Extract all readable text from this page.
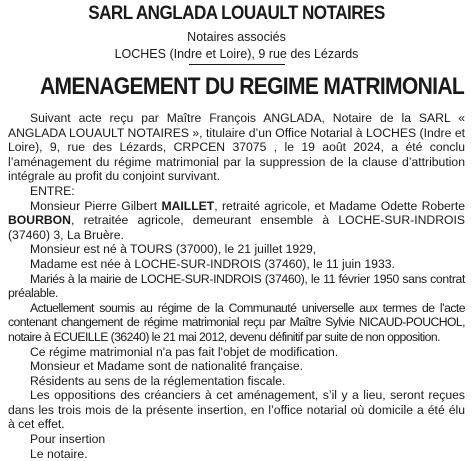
SARL ANGLADA LOUAULT NOTAIRES
Notaires associés
LOCHES (Indre et Loire), 9 rue des Lézards
AMENAGEMENT DU REGIME MATRIMONIAL

Suivant acte reçu par Maître François ANGLADA, Notaire de la SARL « ANGLADA LOUAULT NOTAIRES », titulaire d’un Office Notarial à LOCHES (Indre et Loire), 9, rue des Lézards, CRPCEN 37075 , le 19 août 2024, a été conclu l’aménagement du régime matrimonial par la suppression de la clause d’attribution intégrale au profit du conjoint survivant.

ENTRE:

Monsieur Pierre Gilbert MAILLET, retraité agricole, et Madame Odette Roberte BOURBON, retraitée agricole, demeurant ensemble à LOCHE-SUR-INDROIS (37460) 3, La Bruère.

Monsieur est né à TOURS (37000), le 21 juillet 1929,

Madame est née à LOCHE-SUR-INDROIS (37460), le 11 juin 1933.

Mariés à la mairie de LOCHE-SUR-INDROIS (37460), le 11 février 1950 sans contrat préalable.

Actuellement soumis au régime de la Communauté universelle aux termes de l’acte contenant changement de régime matrimonial reçu par Maître Sylvie NICAUD-POUCHOL, notaire à ECUEILLE (36240) le 21 mai 2012, devenu définitif par suite de non opposition.

Ce régime matrimonial n'a pas fait l'objet de modification.

Monsieur et Madame sont de nationalité française.

Résidents au sens de la réglementation fiscale.

Les oppositions des créanciers à cet aménagement, s’il y a lieu, seront reçues dans les trois mois de la présente insertion, en l’office notarial où domicile a été élu à cet effet.

Pour insertion

Le notaire.
